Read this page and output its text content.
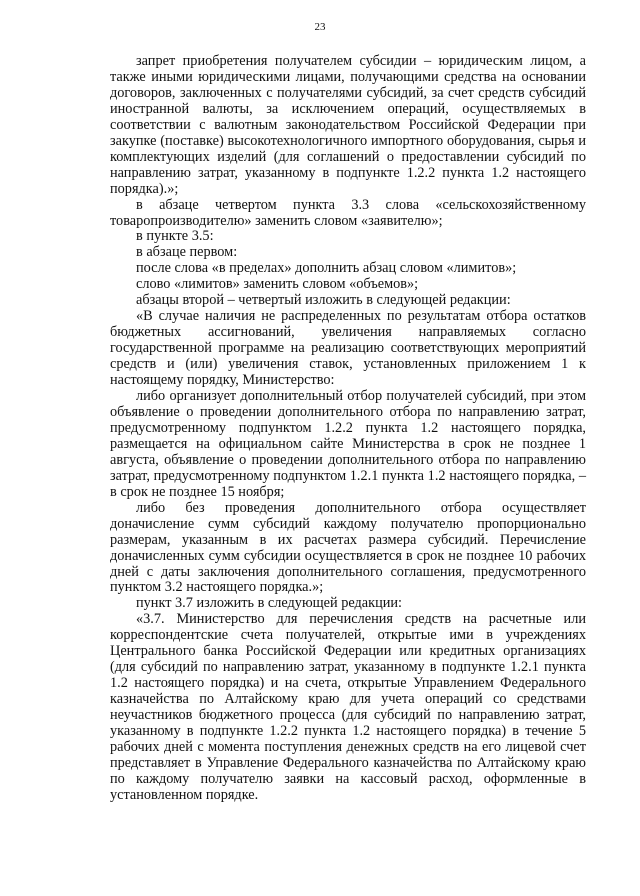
23

запрет приобретения получателем субсидии – юридическим лицом, а также иными юридическими лицами, получающими средства на основании договоров, заключенных с получателями субсидий, за счет средств субсидий иностранной валюты, за исключением операций, осуществляемых в соответствии с валютным законодательством Российской Федерации при закупке (поставке) высокотехнологичного импортного оборудования, сырья и комплектующих изделий (для соглашений о предоставлении субсидий по направлению затрат, указанному в подпункте 1.2.2 пункта 1.2 настоящего порядка).»;

в абзаце четвертом пункта 3.3 слова «сельскохозяйственному товаропроизводителю» заменить словом «заявителю»;

в пункте 3.5:

в абзаце первом:

после слова «в пределах» дополнить абзац словом «лимитов»;

слово «лимитов» заменить словом «объемов»;

абзацы второй – четвертый изложить в следующей редакции:

«В случае наличия не распределенных по результатам отбора остатков бюджетных ассигнований, увеличения направляемых согласно государственной программе на реализацию соответствующих мероприятий средств и (или) увеличения ставок, установленных приложением 1 к настоящему порядку, Министерство:

либо организует дополнительный отбор получателей субсидий, при этом объявление о проведении дополнительного отбора по направлению затрат, предусмотренному подпунктом 1.2.2 пункта 1.2 настоящего порядка, размещается на официальном сайте Министерства в срок не позднее 1 августа, объявление о проведении дополнительного отбора по направлению затрат, предусмотренному подпунктом 1.2.1 пункта 1.2 настоящего порядка, – в срок не позднее 15 ноября;

либо без проведения дополнительного отбора осуществляет доначисление сумм субсидий каждому получателю пропорционально размерам, указанным в их расчетах размера субсидий. Перечисление доначисленных сумм субсидии осуществляется в срок не позднее 10 рабочих дней с даты заключения дополнительного соглашения, предусмотренного пунктом 3.2 настоящего порядка.»;

пункт 3.7 изложить в следующей редакции:

«3.7. Министерство для перечисления средств на расчетные или корреспондентские счета получателей, открытые ими в учреждениях Центрального банка Российской Федерации или кредитных организациях (для субсидий по направлению затрат, указанному в подпункте 1.2.1 пункта 1.2 настоящего порядка) и на счета, открытые Управлением Федерального казначейства по Алтайскому краю для учета операций со средствами неучастников бюджетного процесса (для субсидий по направлению затрат, указанному в подпункте 1.2.2 пункта 1.2 настоящего порядка) в течение 5 рабочих дней с момента поступления денежных средств на его лицевой счет представляет в Управление Федерального казначейства по Алтайскому краю по каждому получателю заявки на кассовый расход, оформленные в установленном порядке.
